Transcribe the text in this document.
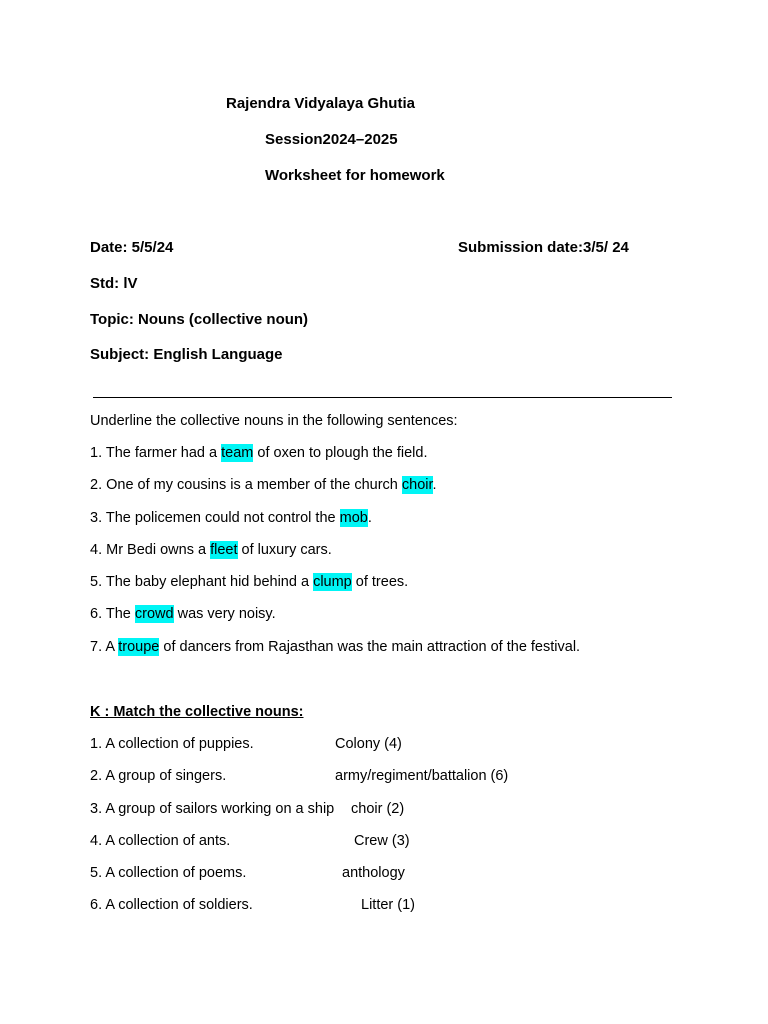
Rajendra Vidyalaya Ghutia
Session2024–2025
Worksheet for homework
Date: 5/5/24	Submission date:3/5/ 24
Std: lV
Topic: Nouns (collective noun)
Subject: English Language
Underline the collective nouns in the following sentences:
1. The farmer had a team of oxen to plough the field.
2. One of my cousins is a member of the church choir.
3. The policemen could not control the mob.
4. Mr Bedi owns a fleet of luxury cars.
5. The baby elephant hid behind a clump of trees.
6. The crowd was very noisy.
7. A troupe of dancers from Rajasthan was the main attraction of the festival.
K : Match the collective nouns:
1. A collection of puppies.	Colony (4)
2. A group of singers.	army/regiment/battalion (6)
3. A group of sailors working on a ship choir (2)
4. A collection of ants.	Crew (3)
5. A collection of poems.	anthology
6. A collection of soldiers.	Litter (1)
